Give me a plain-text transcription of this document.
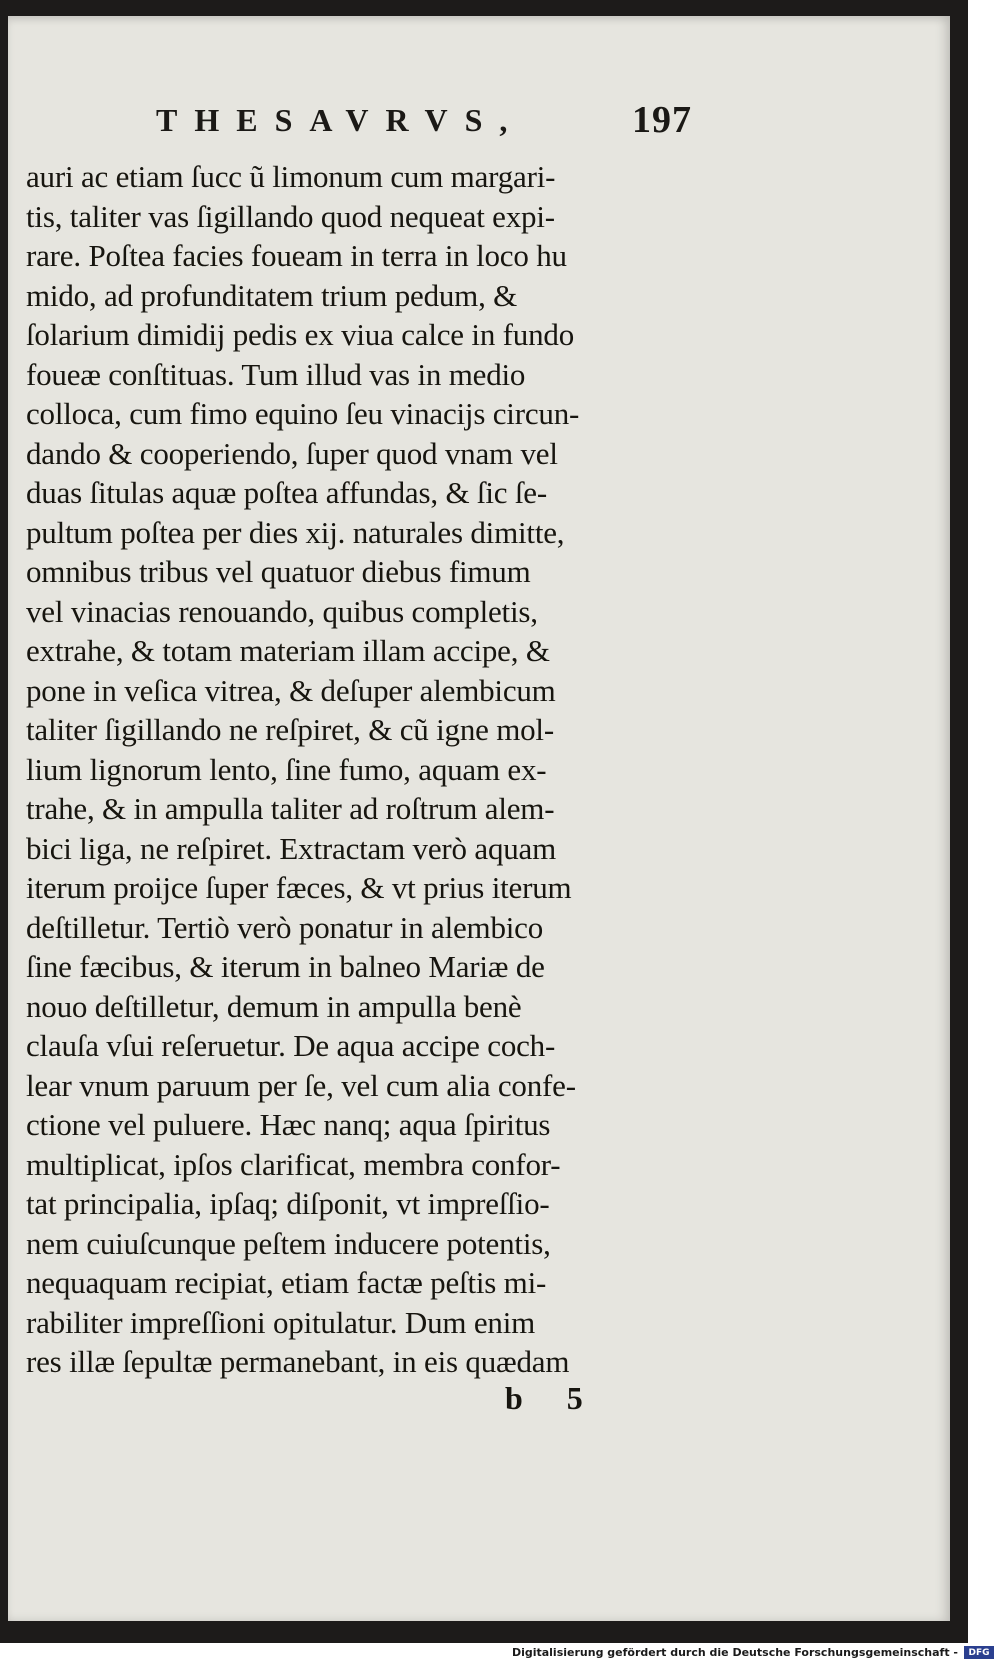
THESAVRVS,	197
auri ac etiam ſucc ũ limonum cum margari-
tis, taliter vas ſigillando quod nequeat expi-
rare. Poſtea facies foueam in terra in loco hu
mido, ad profunditatem trium pedum, &
ſolarium dimidij pedis ex viua calce in fundo
foueæ conſtituas. Tum illud vas in medio
colloca, cum fimo equino ſeu vinacijs circun-
dando & cooperiendo, ſuper quod vnam vel
duas ſitulas aquæ poſtea affundas, & ſic ſe-
pultum poſtea per dies xij. naturales dimitte,
omnibus tribus vel quatuor diebus fimum
vel vinacias renouando, quibus completis,
extrahe, & totam materiam illam accipe, &
pone in veſica vitrea, & deſuper alembicum
taliter ſigillando ne reſpiret, & cũ igne mol-
lium lignorum lento, ſine fumo, aquam ex-
trahe, & in ampulla taliter ad roſtrum alem-
bici liga, ne reſpiret. Extractam verò aquam
iterum proijce ſuper fæces, & vt prius iterum
deſtilletur. Tertiò verò ponatur in alembico
ſine fæcibus, & iterum in balneo Mariæ de
nouo deſtilletur, demum in ampulla benè
clauſa vſui reſeruetur. De aqua accipe coch-
lear vnum paruum per ſe, vel cum alia confe-
ctione vel puluere. Hæc nanq; aqua ſpiritus
multiplicat, ipſos clarificat, membra confor-
tat principalia, ipſaq; diſponit, vt impreſſio-
nem cuiuſcunque peſtem inducere potentis,
nequaquam recipiat, etiam factæ peſtis mi-
rabiliter impreſſioni opitulatur. Dum enim
res illæ ſepultæ permanebant, in eis quædam
b 5
Digitalisierung gefördert durch die Deutsche Forschungsgemeinschaft -	DFG
